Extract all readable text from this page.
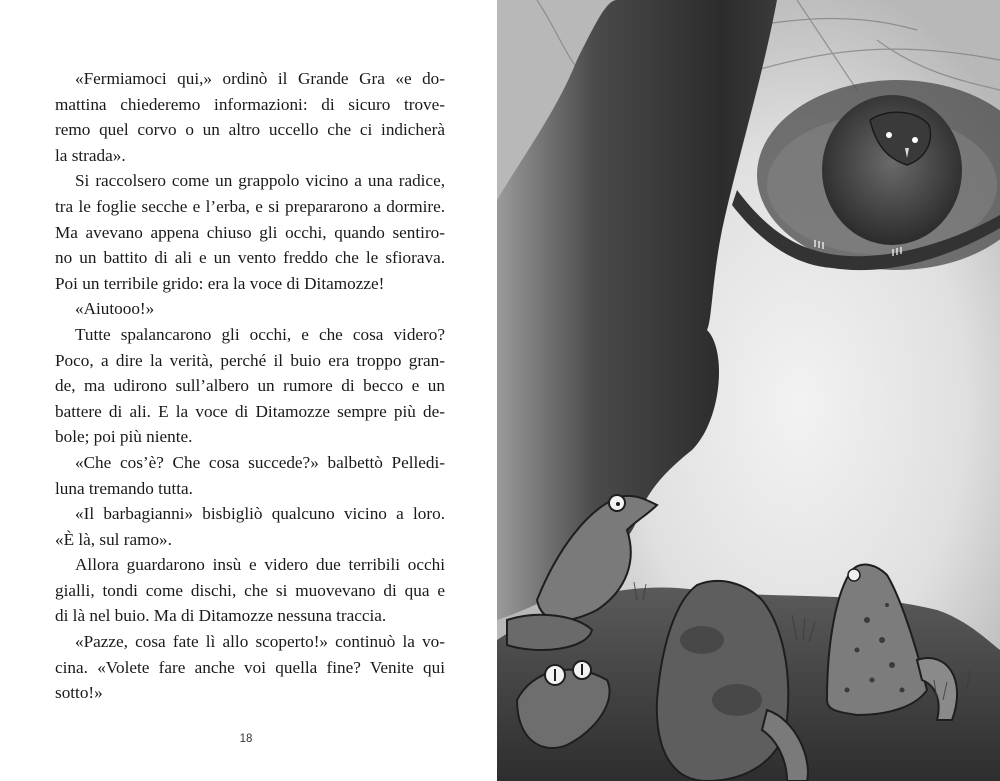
«Fermiamoci qui,» ordinò il Grande Gra «e do-
mattina chiederemo informazioni: di sicuro trove-
remo quel corvo o un altro uccello che ci indicherà
la strada».
Si raccolsero come un grappolo vicino a una radice,
tra le foglie secche e l’erba, e si prepararono a dormire.
Ma avevano appena chiuso gli occhi, quando sentiro-
no un battito di ali e un vento freddo che le sfiorava.
Poi un terribile grido: era la voce di Ditamozze!
«Aiutooo!»
Tutte spalancarono gli occhi, e che cosa videro?
Poco, a dire la verità, perché il buio era troppo gran-
de, ma udirono sull’albero un rumore di becco e un
battere di ali. E la voce di Ditamozze sempre più de-
bole; poi più niente.
«Che cos’è? Che cosa succede?» balbettò Pelledi-
luna tremando tutta.
«Il barbagianni» bisbigliò qualcuno vicino a loro.
«È là, sul ramo».
Allora guardarono insù e videro due terribili occhi
gialli, tondi come dischi, che si muovevano di qua e
di là nel buio. Ma di Ditamozze nessuna traccia.
«Pazze, cosa fate lì allo scoperto!» continuò la vo-
cina. «Volete fare anche voi quella fine? Venite qui
sotto!»
18
